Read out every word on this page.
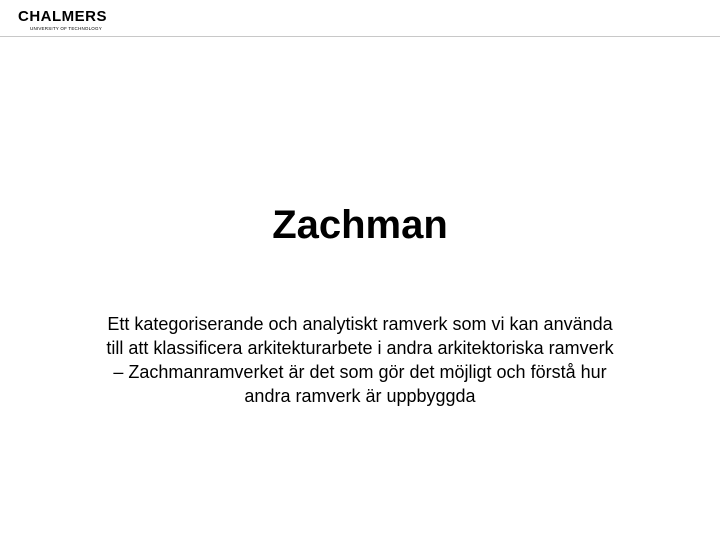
CHALMERS
UNIVERSITY OF TECHNOLOGY
Zachman

Ett kategoriserande och analytiskt ramverk som vi kan använda till att klassificera arkitekturarbete i andra arkitektoriska ramverk – Zachmanramverket är det som gör det möjligt och förstå hur andra ramverk är uppbyggda
